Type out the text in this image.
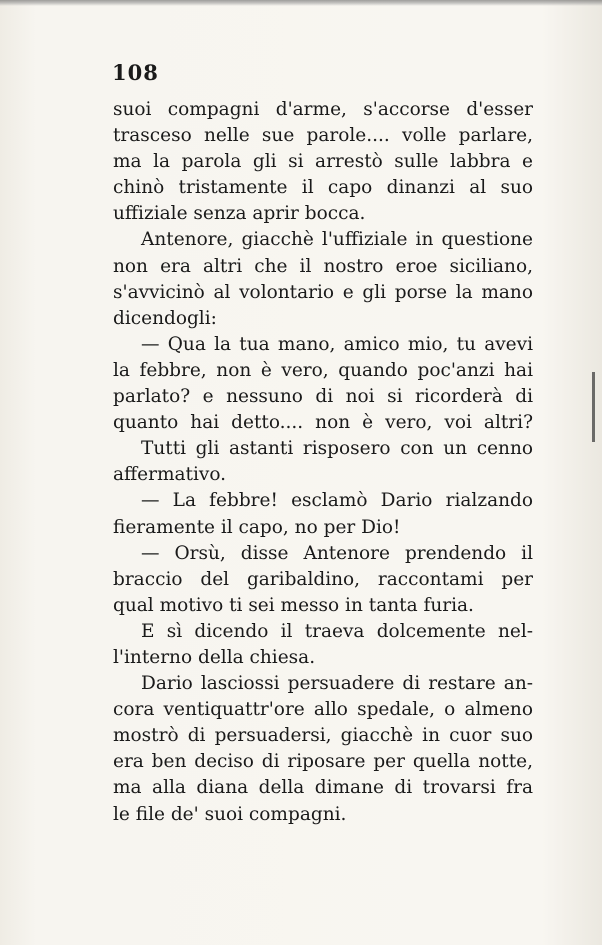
108
suoi compagni d'arme, s'accorse d'esser
trasceso nelle sue parole.... volle parlare,
ma la parola gli si arrestò sulle labbra e
chinò tristamente il capo dinanzi al suo
uffiziale senza aprir bocca.
Antenore, giacchè l'uffiziale in questione
non era altri che il nostro eroe siciliano,
s'avvicinò al volontario e gli porse la mano
dicendogli:
— Qua la tua mano, amico mio, tu avevi
la febbre, non è vero, quando poc'anzi hai
parlato? e nessuno di noi si ricorderà di
quanto hai detto.... non è vero, voi altri?
Tutti gli astanti risposero con un cenno
affermativo.
— La febbre! esclamò Dario rialzando
fieramente il capo, no per Dio!
— Orsù, disse Antenore prendendo il
braccio del garibaldino, raccontami per
qual motivo ti sei messo in tanta furia.
E sì dicendo il traeva dolcemente nel-
l'interno della chiesa.
Dario lasciossi persuadere di restare an-
cora ventiquattr'ore allo spedale, o almeno
mostrò di persuadersi, giacchè in cuor suo
era ben deciso di riposare per quella notte,
ma alla diana della dimane di trovarsi fra
le file de' suoi compagni.
